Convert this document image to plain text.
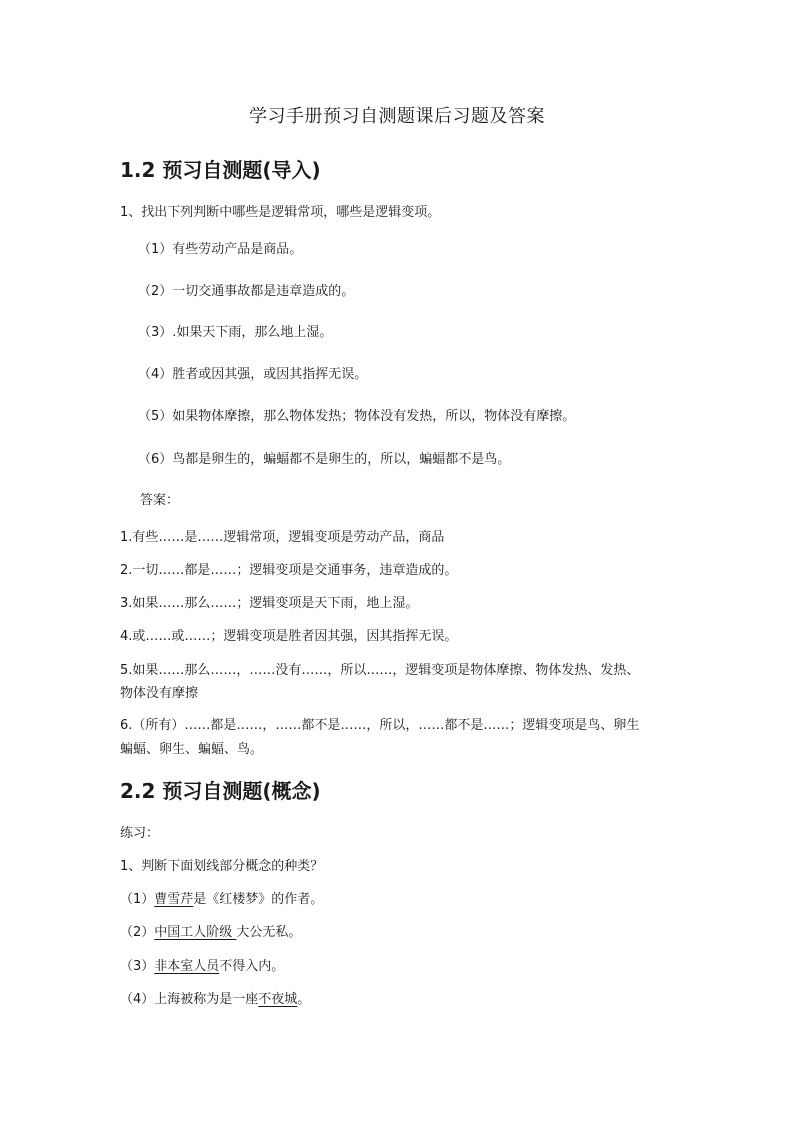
学习手册预习自测题课后习题及答案
1.2 预习自测题(导入)
1、找出下列判断中哪些是逻辑常项，哪些是逻辑变项。
（1）有些劳动产品是商品。
（2）一切交通事故都是违章造成的。
（3）.如果天下雨，那么地上湿。
（4）胜者或因其强，或因其指挥无误。
（5）如果物体摩擦，那么物体发热；物体没有发热，所以，物体没有摩擦。
（6）鸟都是卵生的，蝙蝠都不是卵生的，所以，蝙蝠都不是鸟。
答案：
1.有些……是……逻辑常项，逻辑变项是劳动产品，商品
2.一切……都是……；逻辑变项是交通事务，违章造成的。
3.如果……那么……；逻辑变项是天下雨，地上湿。
4.或……或……；逻辑变项是胜者因其强，因其指挥无误。
5.如果……那么……，……没有……，所以……，逻辑变项是物体摩擦、物体发热、发热、
物体没有摩擦
6.（所有）……都是……，……都不是……，所以，……都不是……；逻辑变项是鸟、卵生
蝙蝠、卵生、蝙蝠、鸟。
2.2 预习自测题(概念)
练习：
1、判断下面划线部分概念的种类？
（1）曹雪芹是《红楼梦》的作者。
（2）中国工人阶级 大公无私。
（3）非本室人员不得入内。
（4）上海被称为是一座不夜城。
